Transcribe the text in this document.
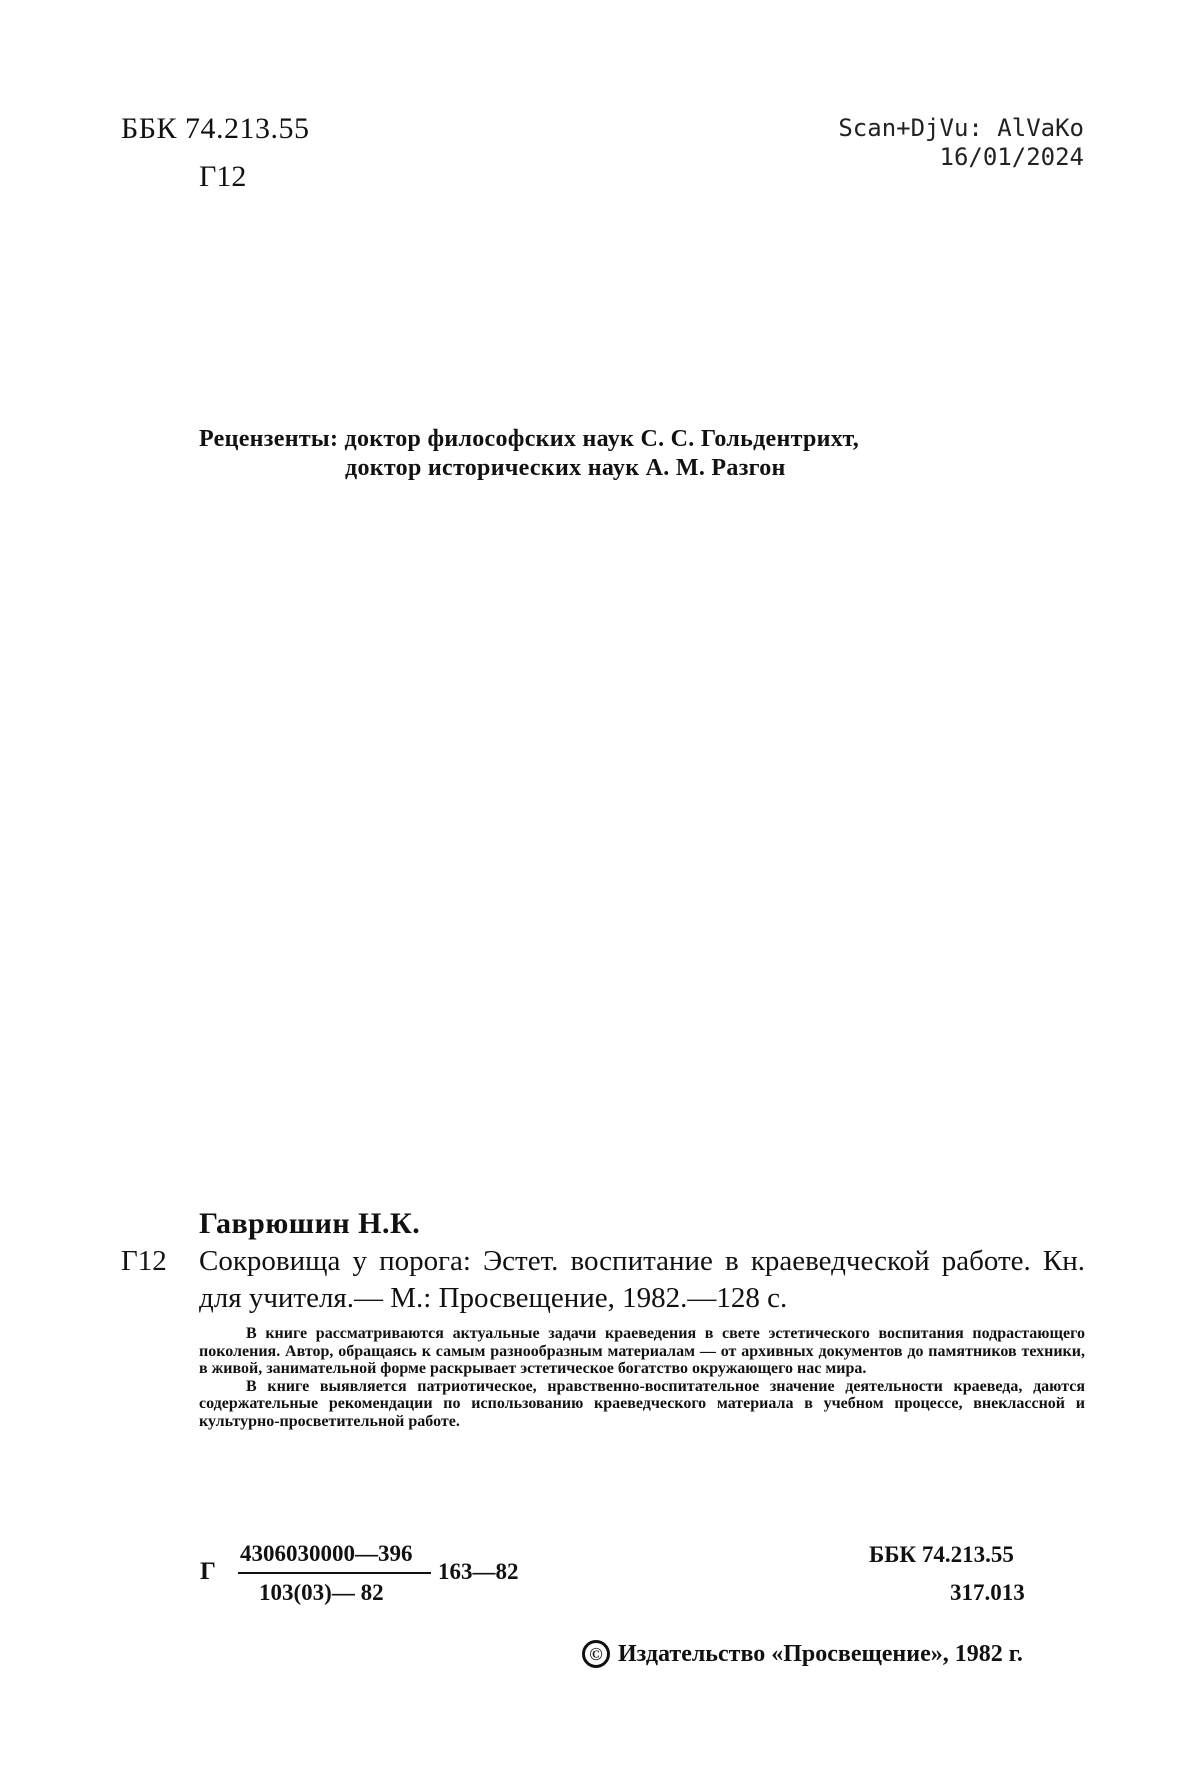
ББК 74.213.55
Г12
Scan+DjVu: AlVaKo
16/01/2024
Рецензенты: доктор философских наук С. С. Гольдентрихт,
доктор исторических наук А. М. Разгон
Гаврюшин Н.К.
Г12 Сокровища у порога: Эстет. воспитание в краеведческой работе. Кн. для учителя.— М.: Просвещение, 1982.—128 с.

В книге рассматриваются актуальные задачи краеведения в свете эстетического воспитания подрастающего поколения. Автор, обращаясь к самым разнообразным материалам — от архивных документов до памятников техники, в живой, занимательной форме раскрывает эстетическое богатство окружающего нас мира.

В книге выявляется патриотическое, нравственно-воспитательное значение деятельности краеведа, даются содержательные рекомендации по использованию краеведческого материала в учебном процессе, внеклассной и культурно-просветительной работе.

Г
4306030000—396
103(03)— 82
163—82
ББК 74.213.55
317.013
© Издательство «Просвещение», 1982 г.
